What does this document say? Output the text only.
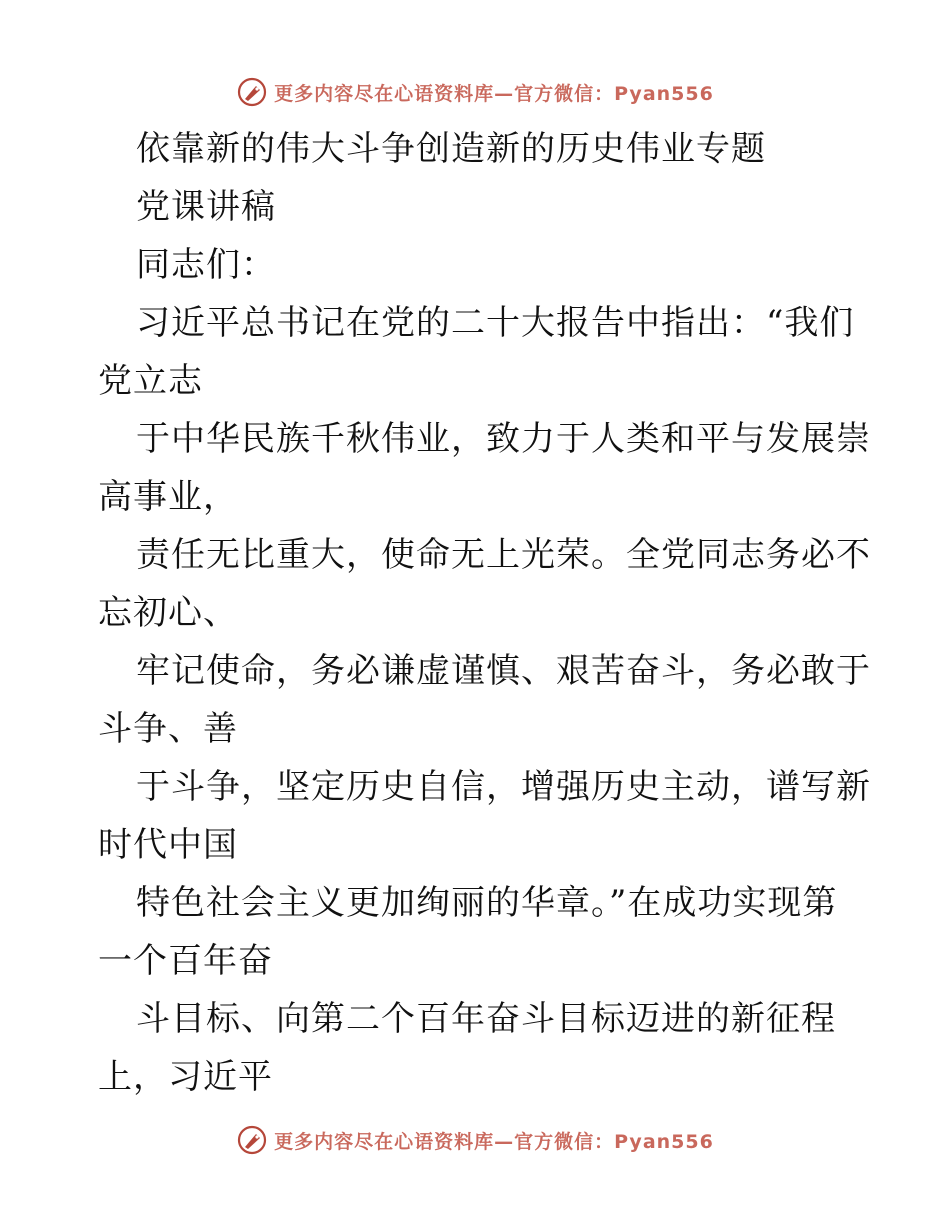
更多内容尽在心语资料库—官方微信：Pyan556
依靠新的伟大斗争创造新的历史伟业专题
党课讲稿
同志们：
习近平总书记在党的二十大报告中指出：“我们
党立志
于中华民族千秋伟业，致力于人类和平与发展崇
高事业，
责任无比重大，使命无上光荣。全党同志务必不
忘初心、
牢记使命，务必谦虚谨慎、艰苦奋斗，务必敢于
斗争、善
于斗争，坚定历史自信，增强历史主动，谱写新
时代中国
特色社会主义更加绚丽的华章。”在成功实现第
一个百年奋
斗目标、向第二个百年奋斗目标迈进的新征程
上，习近平
更多内容尽在心语资料库—官方微信：Pyan556
